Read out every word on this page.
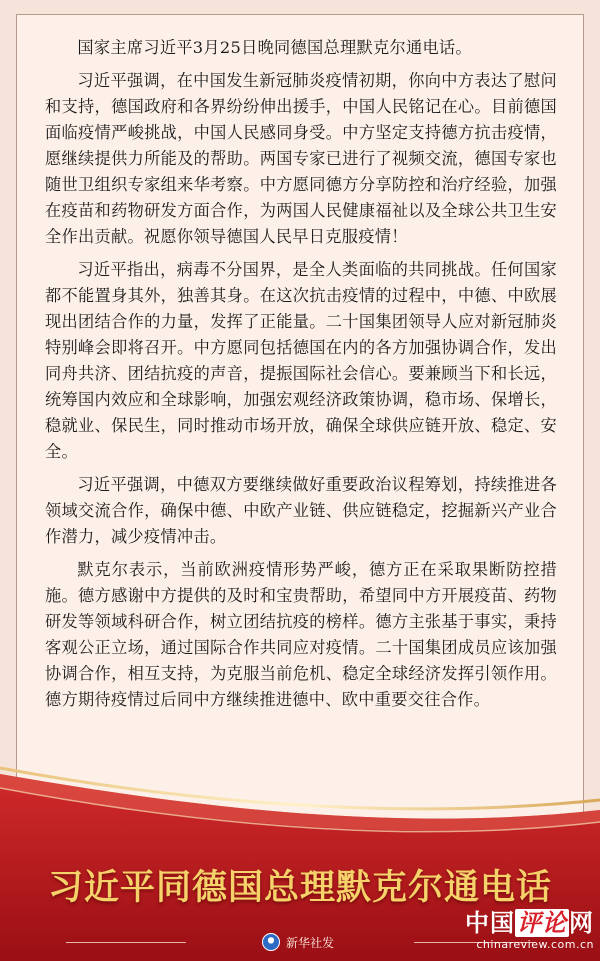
国家主席习近平3月25日晚同德国总理默克尔通电话。

习近平强调，在中国发生新冠肺炎疫情初期，你向中方表达了慰问和支持，德国政府和各界纷纷伸出援手，中国人民铭记在心。目前德国面临疫情严峻挑战，中国人民感同身受。中方坚定支持德方抗击疫情，愿继续提供力所能及的帮助。两国专家已进行了视频交流，德国专家也随世卫组织专家组来华考察。中方愿同德方分享防控和治疗经验，加强在疫苗和药物研发方面合作，为两国人民健康福祉以及全球公共卫生安全作出贡献。祝愿你领导德国人民早日克服疫情！

习近平指出，病毒不分国界，是全人类面临的共同挑战。任何国家都不能置身其外，独善其身。在这次抗击疫情的过程中，中德、中欧展现出团结合作的力量，发挥了正能量。二十国集团领导人应对新冠肺炎特别峰会即将召开。中方愿同包括德国在内的各方加强协调合作，发出同舟共济、团结抗疫的声音，提振国际社会信心。要兼顾当下和长远，统筹国内效应和全球影响，加强宏观经济政策协调，稳市场、保增长，稳就业、保民生，同时推动市场开放，确保全球供应链开放、稳定、安全。

习近平强调，中德双方要继续做好重要政治议程筹划，持续推进各领域交流合作，确保中德、中欧产业链、供应链稳定，挖掘新兴产业合作潜力，减少疫情冲击。

默克尔表示，当前欧洲疫情形势严峻，德方正在采取果断防控措施。德方感谢中方提供的及时和宝贵帮助，希望同中方开展疫苗、药物研发等领域科研合作，树立团结抗疫的榜样。德方主张基于事实，秉持客观公正立场，通过国际合作共同应对疫情。二十国集团成员应该加强协调合作，相互支持，为克服当前危机、稳定全球经济发挥引领作用。德方期待疫情过后同中方继续推进德中、欧中重要交往合作。

习近平同德国总理默克尔通电话
新华社发
中国评论网
chinareview.com.cn
